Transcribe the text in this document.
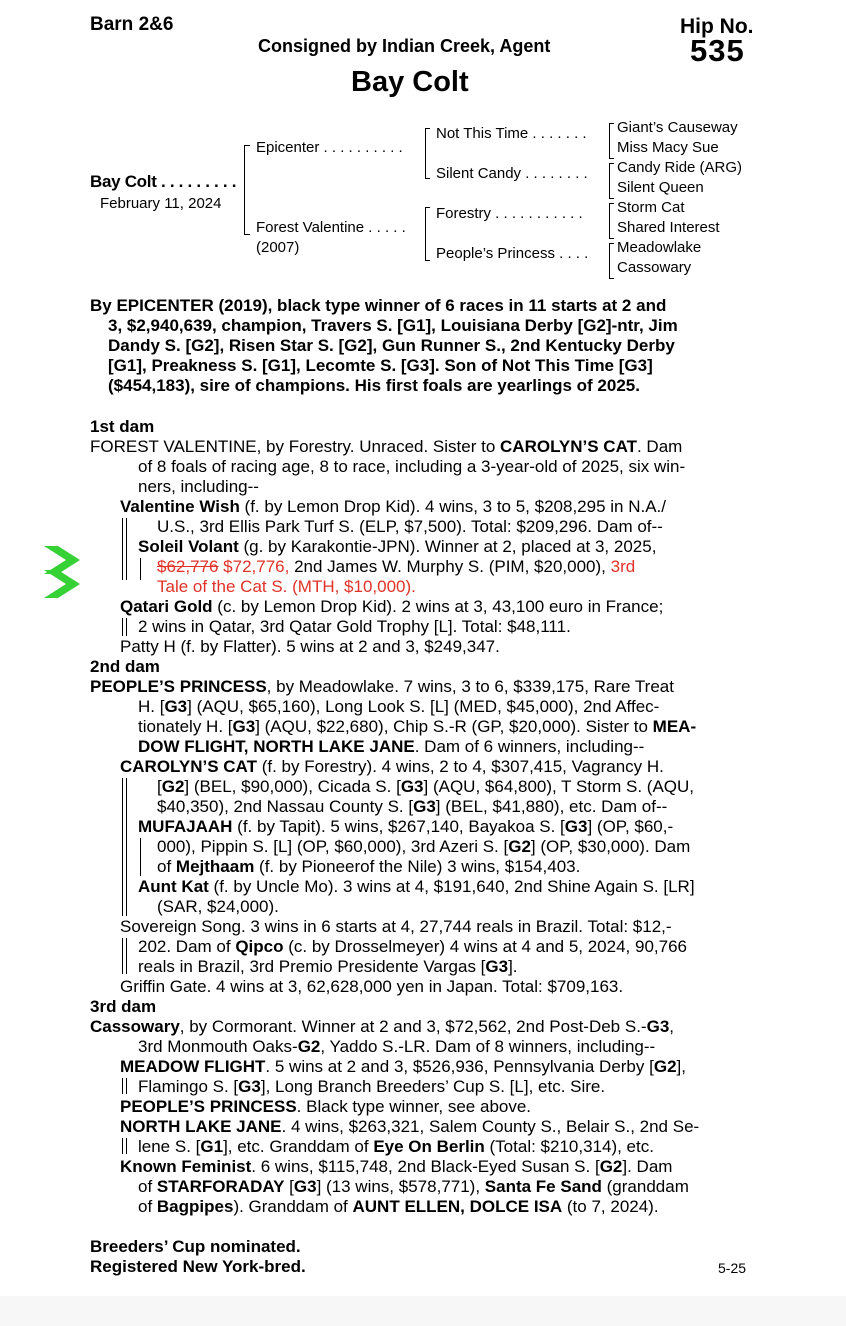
Barn 2&6
Consigned by Indian Creek, Agent
Hip No.
535
Bay Colt
Bay Colt . . . . . . . . .
February 11, 2024
Epicenter . . . . . . . . . .
Forest Valentine . . . . .
(2007)
Not This Time . . . . . . .
Silent Candy . . . . . . . .
Forestry . . . . . . . . . . .
People’s Princess . . . .
Giant’s Causeway
Miss Macy Sue
Candy Ride (ARG)
Silent Queen
Storm Cat
Shared Interest
Meadowlake
Cassowary
By EPICENTER (2019), black type winner of 6 races in 11 starts at 2 and
3, $2,940,639, champion, Travers S. [G1], Louisiana Derby [G2]-ntr, Jim
Dandy S. [G2], Risen Star S. [G2], Gun Runner S., 2nd Kentucky Derby
[G1], Preakness S. [G1], Lecomte S. [G3]. Son of Not This Time [G3]
($454,183), sire of champions. His first foals are yearlings of 2025.
1st dam
FOREST VALENTINE, by Forestry. Unraced. Sister to CAROLYN’S CAT. Dam
of 8 foals of racing age, 8 to race, including a 3-year-old of 2025, six win-
ners, including--
Valentine Wish (f. by Lemon Drop Kid). 4 wins, 3 to 5, $208,295 in N.A./
U.S., 3rd Ellis Park Turf S. (ELP, $7,500). Total: $209,296. Dam of--
Soleil Volant (g. by Karakontie-JPN). Winner at 2, placed at 3, 2025,
$62,776 $72,776, 2nd James W. Murphy S. (PIM, $20,000), 3rd
Tale of the Cat S. (MTH, $10,000).
Qatari Gold (c. by Lemon Drop Kid). 2 wins at 3, 43,100 euro in France;
2 wins in Qatar, 3rd Qatar Gold Trophy [L]. Total: $48,111.
Patty H (f. by Flatter). 5 wins at 2 and 3, $249,347.
2nd dam
PEOPLE’S PRINCESS, by Meadowlake. 7 wins, 3 to 6, $339,175, Rare Treat
H. [G3] (AQU, $65,160), Long Look S. [L] (MED, $45,000), 2nd Affec-
tionately H. [G3] (AQU, $22,680), Chip S.-R (GP, $20,000). Sister to MEA-
DOW FLIGHT, NORTH LAKE JANE. Dam of 6 winners, including--
CAROLYN’S CAT (f. by Forestry). 4 wins, 2 to 4, $307,415, Vagrancy H.
[G2] (BEL, $90,000), Cicada S. [G3] (AQU, $64,800), T Storm S. (AQU,
$40,350), 2nd Nassau County S. [G3] (BEL, $41,880), etc. Dam of--
MUFAJAAH (f. by Tapit). 5 wins, $267,140, Bayakoa S. [G3] (OP, $60,-
000), Pippin S. [L] (OP, $60,000), 3rd Azeri S. [G2] (OP, $30,000). Dam
of Mejthaam (f. by Pioneerof the Nile) 3 wins, $154,403.
Aunt Kat (f. by Uncle Mo). 3 wins at 4, $191,640, 2nd Shine Again S. [LR]
(SAR, $24,000).
Sovereign Song. 3 wins in 6 starts at 4, 27,744 reals in Brazil. Total: $12,-
202. Dam of Qipco (c. by Drosselmeyer) 4 wins at 4 and 5, 2024, 90,766
reals in Brazil, 3rd Premio Presidente Vargas [G3].
Griffin Gate. 4 wins at 3, 62,628,000 yen in Japan. Total: $709,163.
3rd dam
Cassowary, by Cormorant. Winner at 2 and 3, $72,562, 2nd Post-Deb S.-G3,
3rd Monmouth Oaks-G2, Yaddo S.-LR. Dam of 8 winners, including--
MEADOW FLIGHT. 5 wins at 2 and 3, $526,936, Pennsylvania Derby [G2],
Flamingo S. [G3], Long Branch Breeders’ Cup S. [L], etc. Sire.
PEOPLE’S PRINCESS. Black type winner, see above.
NORTH LAKE JANE. 4 wins, $263,321, Salem County S., Belair S., 2nd Se-
lene S. [G1], etc. Granddam of Eye On Berlin (Total: $210,314), etc.
Known Feminist. 6 wins, $115,748, 2nd Black-Eyed Susan S. [G2]. Dam
of STARFORADAY [G3] (13 wins, $578,771), Santa Fe Sand (granddam
of Bagpipes). Granddam of AUNT ELLEN, DOLCE ISA (to 7, 2024).
Breeders’ Cup nominated.
Registered New York-bred.	5-25
